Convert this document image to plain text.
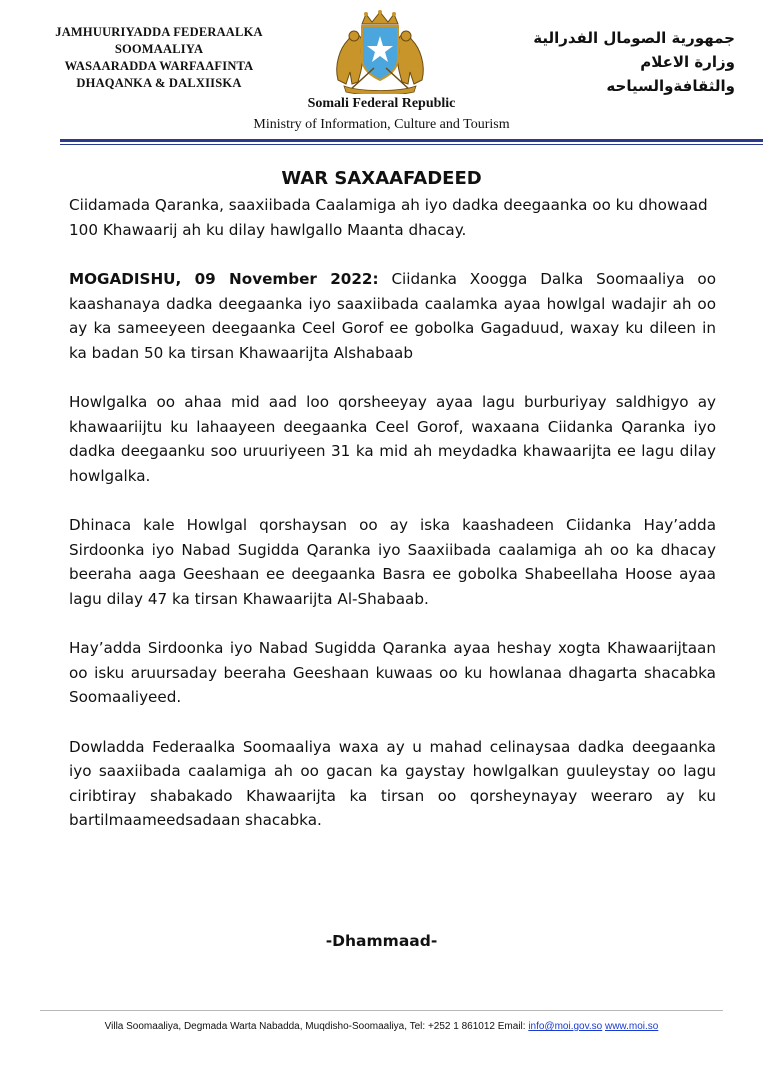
JAMHUURIYADDA FEDERAALKA
SOOMAALIYA
WASAARADDA WARFAAFINTA
DHAQANKA & DALXIISKA
جمهورية الصومال الفدرالية
وزارة الاعلام
والثقافةوالسياحه
Somali Federal Republic
Ministry of Information, Culture and Tourism
WAR SAXAAFADEED

Ciidamada Qaranka, saaxiibada Caalamiga ah iyo dadka deegaanka oo ku dhowaad 100 Khawaarij ah ku dilay hawlgallo Maanta dhacay.

MOGADISHU, 09 November 2022: Ciidanka Xoogga Dalka Soomaaliya oo kaashanaya dadka deegaanka iyo saaxiibada caalamka ayaa howlgal wadajir ah oo ay ka sameeyeen deegaanka Ceel Gorof ee gobolka Gagaduud, waxay ku dileen in ka badan 50 ka tirsan Khawaarijta Alshabaab

Howlgalka oo ahaa mid aad loo qorsheeyay ayaa lagu burburiyay saldhigyo ay khawaariijtu ku lahaayeen deegaanka Ceel Gorof, waxaana Ciidanka Qaranka iyo dadka deegaanku soo uruuriyeen 31 ka mid ah meydadka khawaarijta ee lagu dilay howlgalka.

Dhinaca kale Howlgal qorshaysan oo ay iska kaashadeen Ciidanka Hay’adda Sirdoonka iyo Nabad Sugidda Qaranka iyo Saaxiibada caalamiga ah oo ka dhacay beeraha aaga Geeshaan ee deegaanka Basra ee gobolka Shabeellaha Hoose ayaa lagu dilay 47 ka tirsan Khawaarijta Al-Shabaab.

Hay’adda Sirdoonka iyo Nabad Sugidda Qaranka ayaa heshay xogta Khawaarijtaan oo isku aruursaday beeraha Geeshaan kuwaas oo ku howlanaa dhagarta shacabka Soomaaliyeed.

Dowladda Federaalka Soomaaliya waxa ay u mahad celinaysaa dadka deegaanka iyo saaxiibada caalamiga ah oo gacan ka gaystay howlgalkan guuleystay oo lagu ciribtiray shabakado Khawaarijta ka tirsan oo qorsheynayay weeraro ay ku bartilmaameedsadaan shacabka.

-Dhammaad-
Villa Soomaaliya, Degmada Warta Nabadda, Muqdisho-Soomaaliya, Tel: +252 1 861012 Email: info@moi.gov.so www.moi.so
